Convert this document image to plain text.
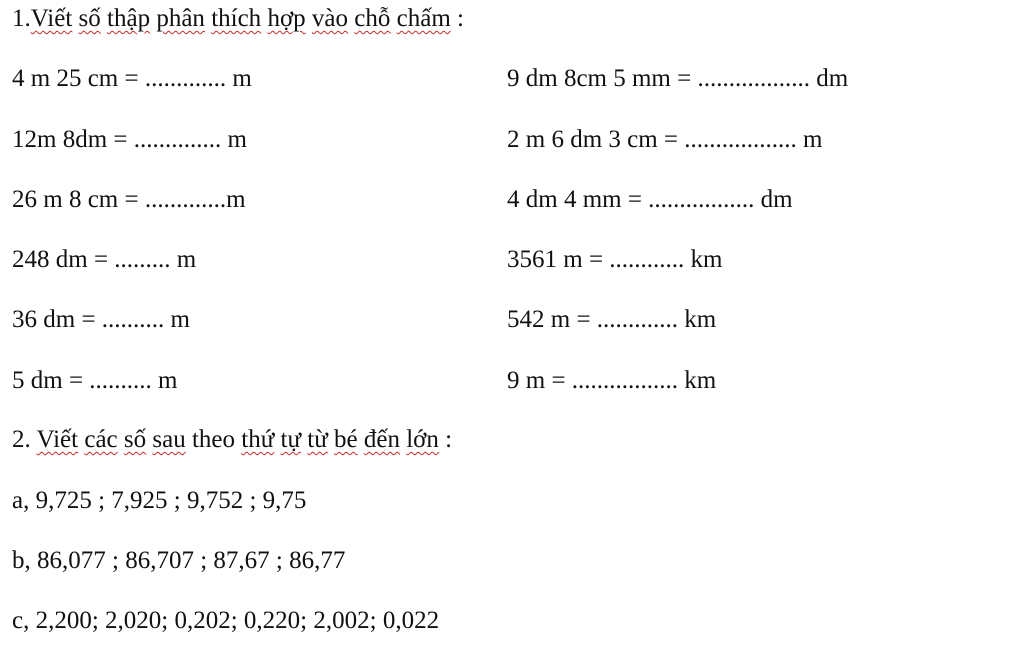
1.Viết số thập phân thích hợp vào chỗ chấm :
4 m 25 cm = ............. m
12m 8dm = .............. m
26 m 8 cm = .............m
248 dm = ......... m
36 dm = .......... m
5 dm = .......... m
9 dm 8cm 5 mm = .................. dm
2 m 6 dm 3 cm = .................. m
4 dm 4 mm = ................. dm
3561 m = ............ km
542 m = ............. km
9 m = ................. km
2. Viết các số sau theo thứ tự từ bé đến lớn :
a, 9,725 ; 7,925 ; 9,752 ; 9,75
b, 86,077 ; 86,707 ; 87,67 ; 86,77
c, 2,200; 2,020; 0,202; 0,220; 2,002; 0,022
